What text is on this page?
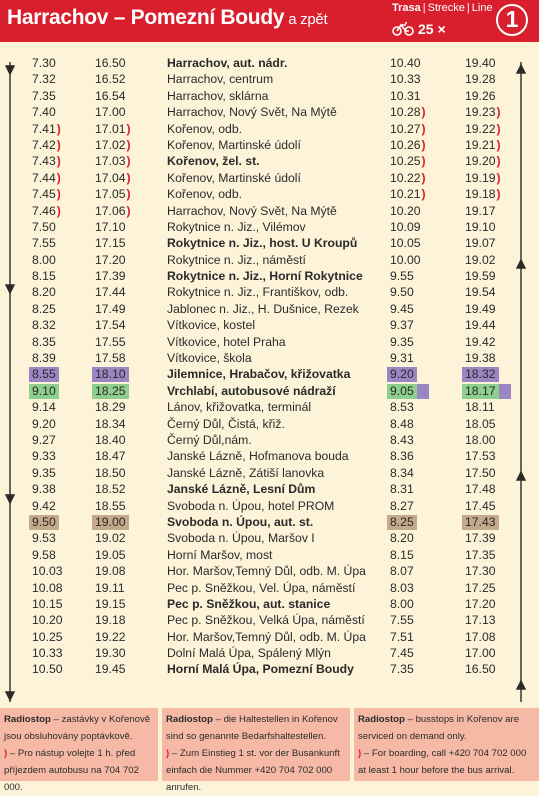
Harrachov – Pomezní Boudy a zpět
Trasa | Strecke | Line
25 ×	1
7.30	16.50	Harrachov, aut. nádr.	10.40	19.40
7.32	16.52	Harrachov, centrum	10.33	19.28
7.35	16.54	Harrachov, sklárna	10.31	19.26
7.40	17.00	Harrachov, Nový Svět, Na Mýtě	10.28)	19.23)
7.41)	17.01)	Kořenov, odb.	10.27)	19.22)
7.42)	17.02)	Kořenov, Martinské údolí	10.26)	19.21)
7.43)	17.03)	Kořenov, žel. st.	10.25)	19.20)
7.44)	17.04)	Kořenov, Martinské údolí	10.22)	19.19)
7.45)	17.05)	Kořenov, odb.	10.21)	19.18)
7.46)	17.06)	Harrachov, Nový Svět, Na Mýtě	10.20	19.17
7.50	17.10	Rokytnice n. Jiz., Vilémov	10.09	19.10
7.55	17.15	Rokytnice n. Jiz., host. U Kroupů	10.05	19.07
8.00	17.20	Rokytnice n. Jiz., náměstí	10.00	19.02
8.15	17.39	Rokytnice n. Jiz., Horní Rokytnice 9.55	19.59
8.20	17.44	Rokytnice n. Jiz., Františkov, odb.	9.50	19.54
8.25	17.49	Jablonec n. Jiz., H. Dušnice, Rezek	9.45	19.49
8.32	17.54	Vítkovice, kostel	9.37	19.44
8.35	17.55	Vítkovice, hotel Praha	9.35	19.42
8.39	17.58	Vítkovice, škola	9.31	19.38
8.55	18.10	Jilemnice, Hrabačov, křižovatka	9.20	18.32
9.10	18.25	Vrchlabí, autobusové nádraží	9.05	18.17
9.14	18.29	Lánov, křižovatka, terminál	8.53	18.11
9.20	18.34	Černý Důl, Čistá, křiž.	8.48	18.05
9.27	18.40	Černý Důl,nám.	8.43	18.00
9.33	18.47	Janské Lázně, Hofmanova bouda	8.36	17.53
9.35	18.50	Janské Lázně, Zátiší lanovka	8.34	17.50
9.38	18.52	Janské Lázně, Lesní Dům	8.31	17.48
9.42	18.55	Svoboda n. Úpou, hotel PROM	8.27	17.45
9.50	19.00	Svoboda n. Úpou, aut. st.	8.25	17.43
9.53	19.02	Svoboda n. Úpou, Maršov I	8.20	17.39
9.58	19.05	Horní Maršov, most	8.15	17.35
10.03	19.08	Hor. Maršov,Temný Důl, odb. M. Úpa 8.07	17.30
10.08	19.11	Pec p. Sněžkou, Vel. Úpa, náměstí	8.03	17.25
10.15	19.15	Pec p. Sněžkou, aut. stanice	8.00	17.20
10.20	19.18	Pec p. Sněžkou, Velká Úpa, náměstí 7.55	17.13
10.25	19.22	Hor. Maršov,Temný Důl, odb. M. Úpa 7.51	17.08
10.33	19.30	Dolní Malá Úpa, Spálený Mlýn	7.45	17.00
10.50	19.45	Horní Malá Úpa, Pomezní Boudy	7.35	16.50
Radiostop – zastávky v Kořenově jsou obsluhovány poptávkově.
) – Pro nástup volejte 1 h. před příjezdem autobusu na 704 702 000.
Radiostop – die Haltestellen in Kořenov sind so genannte Bedarfshaltestellen.
) – Zum Einstieg 1 st. vor der Busankunft einfach die Nummer +420 704 702 000 anrufen.
Radiostop – busstops in Kořenov are serviced on demand only.
) – For boarding, call +420 704 702 000 at least 1 hour before the bus arrival.
